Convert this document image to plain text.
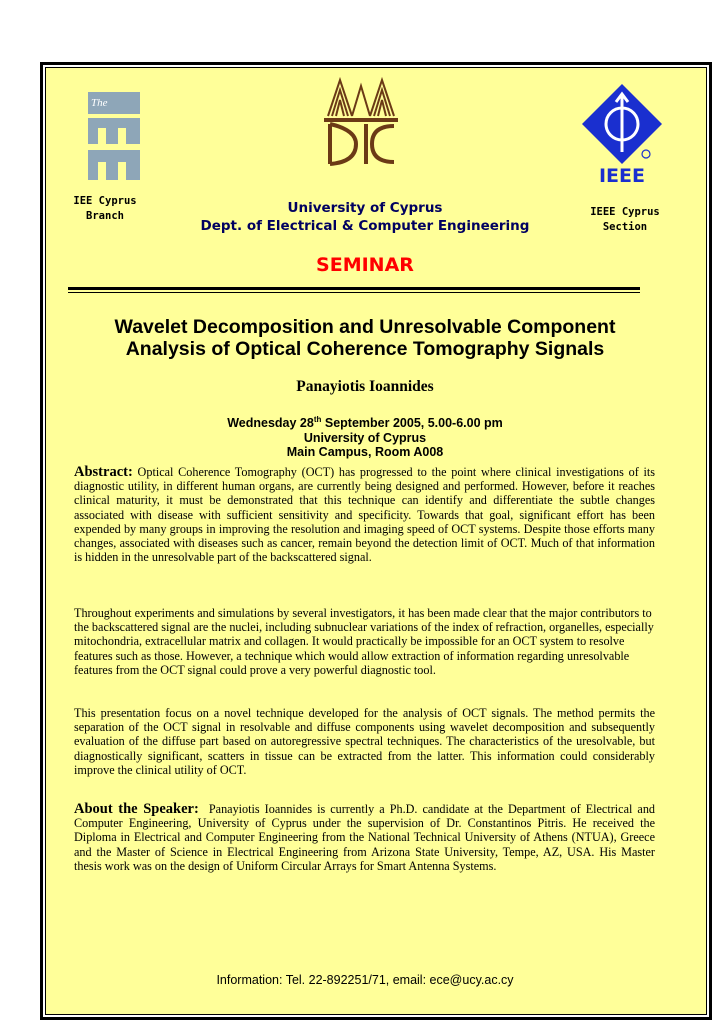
The
IEEE
IEE Cyprus Branch	IEEE Cyprus Section
University of Cyprus
Dept. of Electrical & Computer Engineering
SEMINAR
Wavelet Decomposition and Unresolvable Component Analysis of Optical Coherence Tomography Signals
Panayiotis Ioannides
Wednesday 28th September 2005, 5.00-6.00 pm
University of Cyprus
Main Campus, Room A008

Abstract: Optical Coherence Tomography (OCT) has progressed to the point where clinical investigations of its diagnostic utility, in different human organs, are currently being designed and performed. However, before it reaches clinical maturity, it must be demonstrated that this technique can identify and differentiate the subtle changes associated with disease with sufficient sensitivity and specificity. Towards that goal, significant effort has been expended by many groups in improving the resolution and imaging speed of OCT systems. Despite those efforts many changes, associated with diseases such as cancer, remain beyond the detection limit of OCT. Much of that information is hidden in the unresolvable part of the backscattered signal.

Throughout experiments and simulations by several investigators, it has been made clear that the major contributors to the backscattered signal are the nuclei, including subnuclear variations of the index of refraction, organelles, especially mitochondria, extracellular matrix and collagen. It would practically be impossible for an OCT system to resolve features such as those. However, a technique which would allow extraction of information regarding unresolvable features from the OCT signal could prove a very powerful diagnostic tool.

This presentation focus on a novel technique developed for the analysis of OCT signals. The method permits the separation of the OCT signal in resolvable and diffuse components using wavelet decomposition and subsequently evaluation of the diffuse part based on autoregressive spectral techniques. The characteristics of the uresolvable, but diagnostically significant, scatters in tissue can be extracted from the latter. This information could considerably improve the clinical utility of OCT.

About the Speaker: Panayiotis Ioannides is currently a Ph.D. candidate at the Department of Electrical and Computer Engineering, University of Cyprus under the supervision of Dr. Constantinos Pitris. He received the Diploma in Electrical and Computer Engineering from the National Technical University of Athens (NTUA), Greece and the Master of Science in Electrical Engineering from Arizona State University, Tempe, AZ, USA. His Master thesis work was on the design of Uniform Circular Arrays for Smart Antenna Systems.

Information: Tel. 22-892251/71, email: ece@ucy.ac.cy
